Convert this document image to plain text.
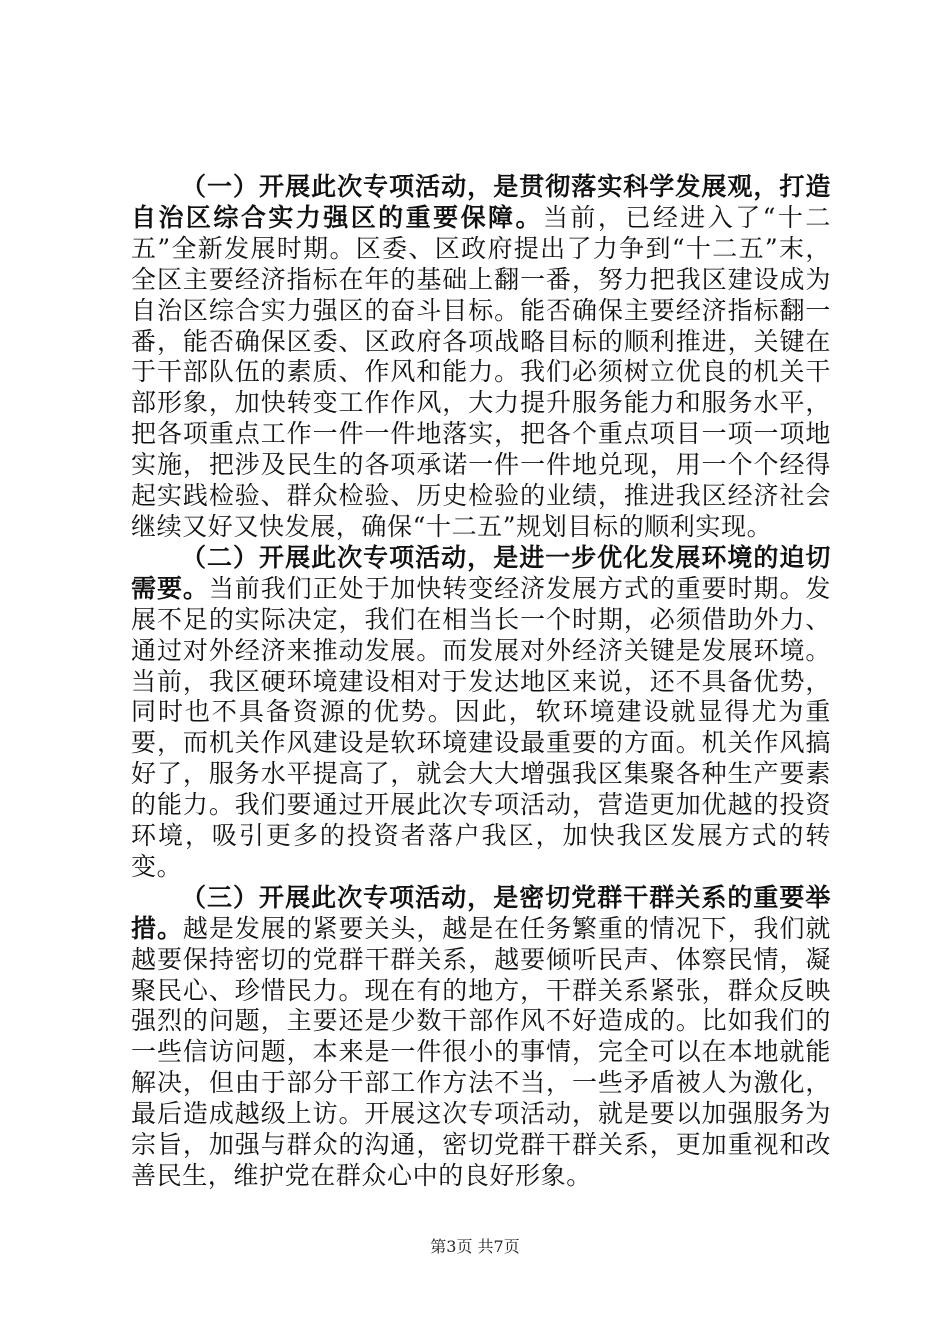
（一）开展此次专项活动，是贯彻落实科学发展观，打造自治区综合实力强区的重要保障。当前，已经进入了“十二五”全新发展时期。区委、区政府提出了力争到“十二五”末，全区主要经济指标在年的基础上翻一番，努力把我区建设成为自治区综合实力强区的奋斗目标。能否确保主要经济指标翻一番，能否确保区委、区政府各项战略目标的顺利推进，关键在于干部队伍的素质、作风和能力。我们必须树立优良的机关干部形象，加快转变工作作风，大力提升服务能力和服务水平，把各项重点工作一件一件地落实，把各个重点项目一项一项地实施，把涉及民生的各项承诺一件一件地兑现，用一个个经得起实践检验、群众检验、历史检验的业绩，推进我区经济社会继续又好又快发展，确保“十二五”规划目标的顺利实现。

（二）开展此次专项活动，是进一步优化发展环境的迫切需要。当前我们正处于加快转变经济发展方式的重要时期。发展不足的实际决定，我们在相当长一个时期，必须借助外力、通过对外经济来推动发展。而发展对外经济关键是发展环境。当前，我区硬环境建设相对于发达地区来说，还不具备优势，同时也不具备资源的优势。因此，软环境建设就显得尤为重要，而机关作风建设是软环境建设最重要的方面。机关作风搞好了，服务水平提高了，就会大大增强我区集聚各种生产要素的能力。我们要通过开展此次专项活动，营造更加优越的投资环境，吸引更多的投资者落户我区，加快我区发展方式的转变。

（三）开展此次专项活动，是密切党群干群关系的重要举措。越是发展的紧要关头，越是在任务繁重的情况下，我们就越要保持密切的党群干群关系，越要倾听民声、体察民情，凝聚民心、珍惜民力。现在有的地方，干群关系紧张，群众反映强烈的问题，主要还是少数干部作风不好造成的。比如我们的一些信访问题，本来是一件很小的事情，完全可以在本地就能解决，但由于部分干部工作方法不当，一些矛盾被人为激化，最后造成越级上访。开展这次专项活动，就是要以加强服务为宗旨，加强与群众的沟通，密切党群干群关系，更加重视和改善民生，维护党在群众心中的良好形象。

第3页 共7页
